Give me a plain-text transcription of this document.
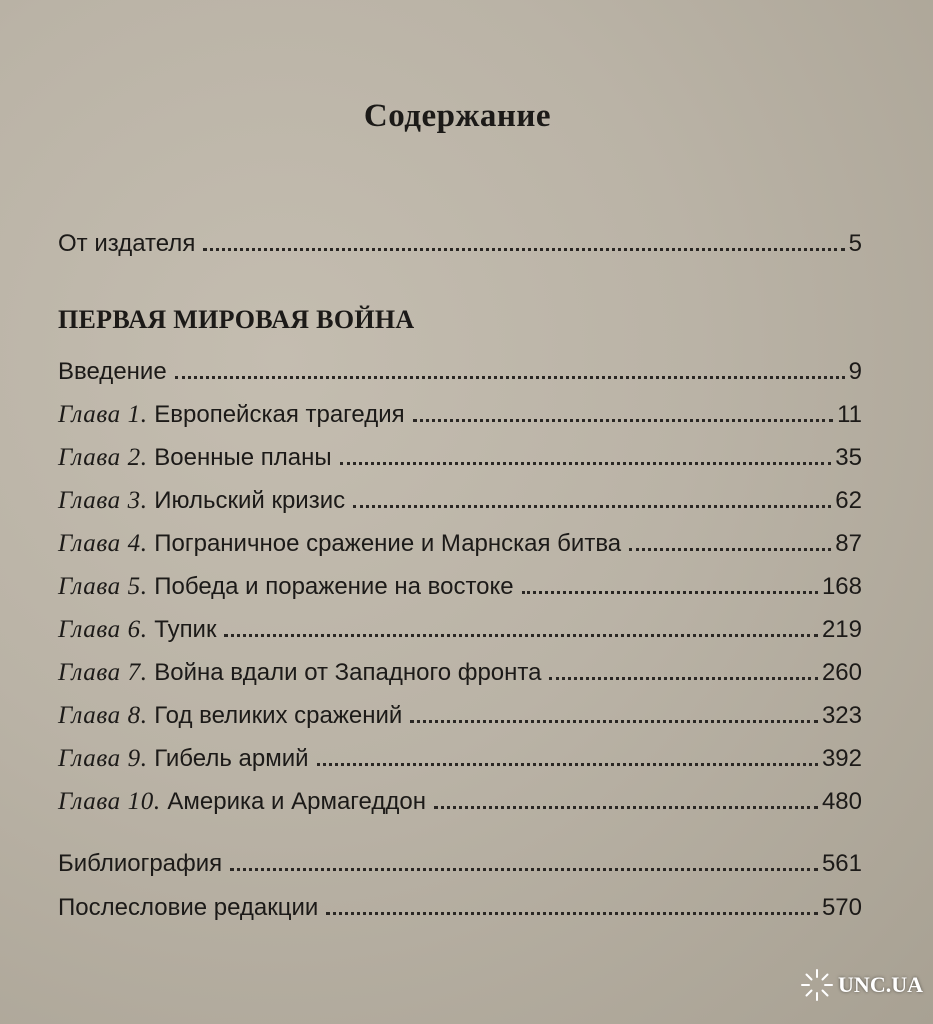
Содержание
От издателя	5
ПЕРВАЯ МИРОВАЯ ВОЙНА
Введение	9
Глава 1. Европейская трагедия	11
Глава 2. Военные планы	35
Глава 3. Июльский кризис	62
Глава 4. Пограничное сражение и Марнская битва	87
Глава 5. Победа и поражение на востоке	168
Глава 6. Тупик	219
Глава 7. Война вдали от Западного фронта	260
Глава 8. Год великих сражений	323
Глава 9. Гибель армий	392
Глава 10. Америка и Армагеддон	480
Библиография	561
Послесловие редакции	570
UNC.UA
